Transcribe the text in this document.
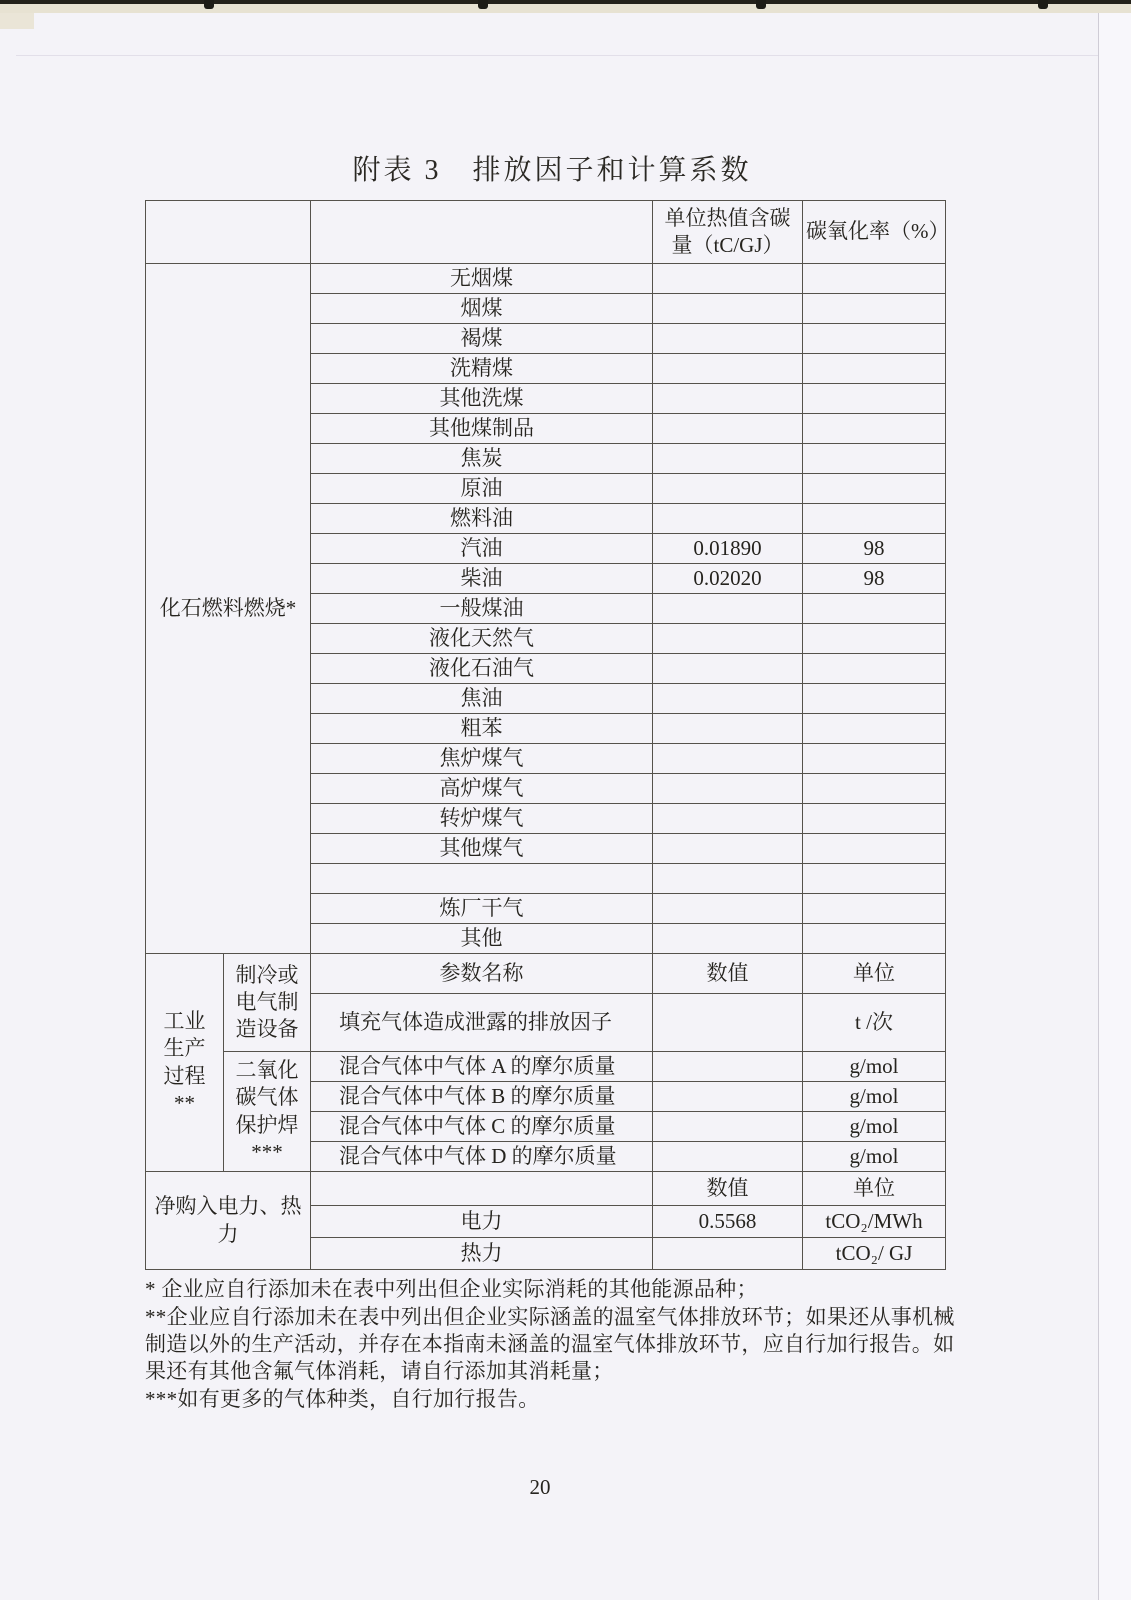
附表 3　排放因子和计算系数
			单位热值含碳量（tC/GJ）	碳氧化率（%）
化石燃料燃烧*		无烟煤		
		烟煤		
		褐煤		
		洗精煤		
		其他洗煤		
		其他煤制品		
		焦炭		
		原油		
		燃料油		
		汽油	0.01890	98
		柴油	0.02020	98
		一般煤油		
		液化天然气		
		液化石油气		
		焦油		
		粗苯		
		焦炉煤气		
		高炉煤气		
		转炉煤气		
		其他煤气		

		炼厂干气		
		其他		
工业生产过程**	制冷或电气制造设备	参数名称	数值	单位
		填充气体造成泄露的排放因子		t /次
	二氧化碳气体保护焊***	混合气体中气体 A 的摩尔质量		g/mol
		混合气体中气体 B 的摩尔质量		g/mol
		混合气体中气体 C 的摩尔质量		g/mol
		混合气体中气体 D 的摩尔质量		g/mol
净购入电力、热力			数值	单位
		电力	0.5568	tCO₂/MWh
		热力		tCO₂/ GJ

* 企业应自行添加未在表中列出但企业实际消耗的其他能源品种；

**企业应自行添加未在表中列出但企业实际涵盖的温室气体排放环节；如果还从事机械制造以外的生产活动，并存在本指南未涵盖的温室气体排放环节，应自行加行报告。如果还有其他含氟气体消耗，请自行添加其消耗量；

***如有更多的气体种类，自行加行报告。

20
